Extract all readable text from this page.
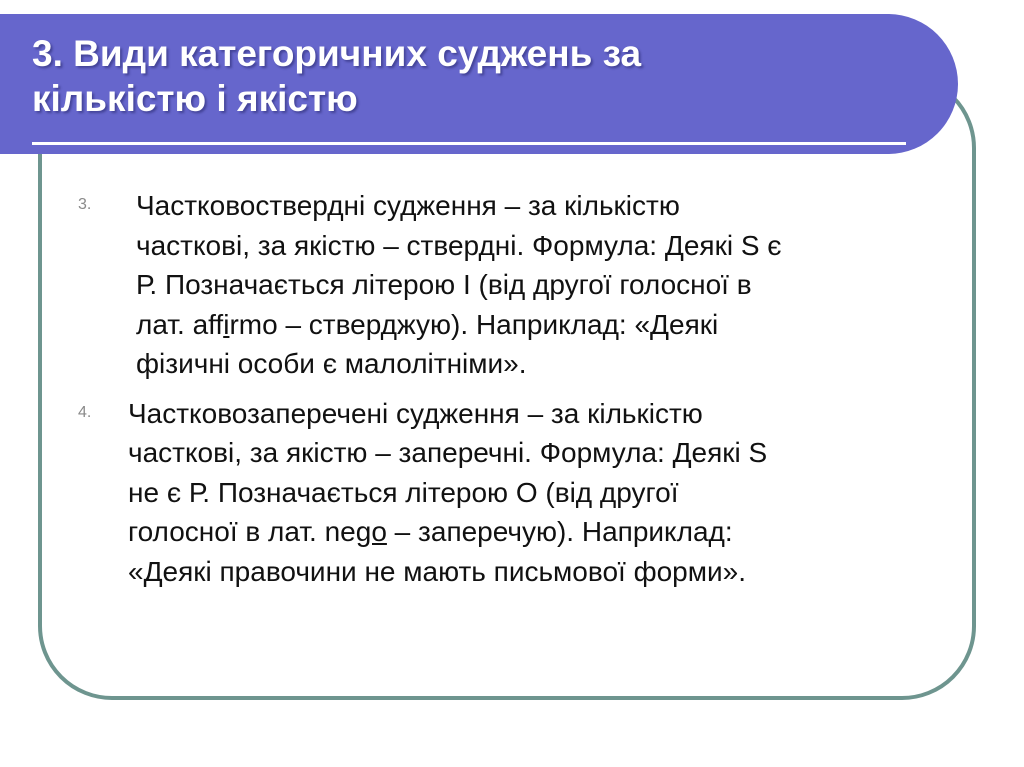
3. Види категоричних суджень за
кількістю і якістю
3. Частковостверднi судження – за кiлькiстю
частковi, за якiстю – ствердні. Формула: Деякі S є
Р. Позначається лiтерою I (від другої голосної в
лат. affirmo – стверджую). Наприклад: «Деякі
фізичні особи є малолітніми».
4. Частковозаперечені судження – за кiлькiстю
частковi, за якiстю – заперечні. Формула: Деякі S
не є Р. Позначається лiтерою О (від другої
голосної в лат. nego – заперечую). Наприклад:
«Деякі правочини не мають письмової форми».
